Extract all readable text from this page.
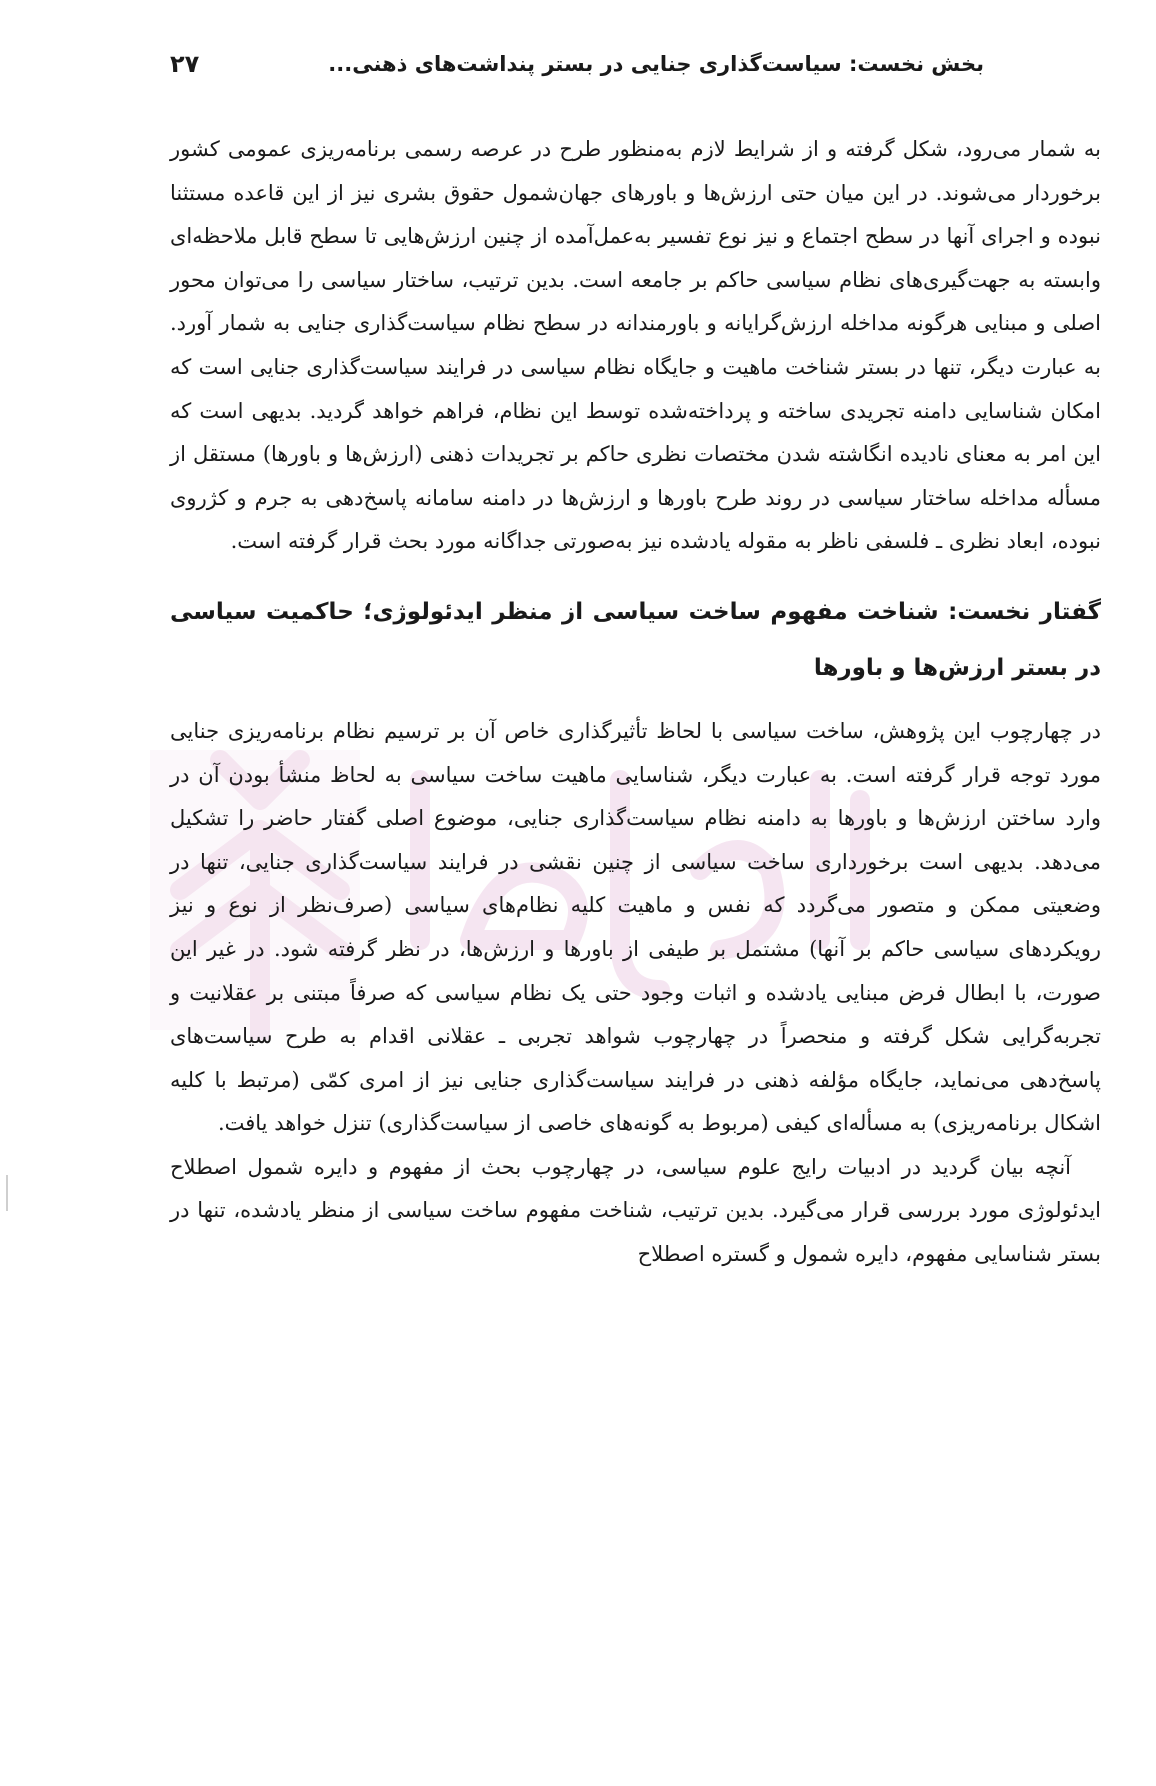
بخش نخست: سیاست‌گذاری جنایی در بستر پنداشت‌های ذهنی...
۲۷

به شمار می‌رود، شکل گرفته و از شرایط لازم به‌منظور طرح در عرصه رسمی برنامه‌ریزی عمومی کشور برخوردار می‌شوند. در این میان حتی ارزش‌ها و باورهای جهان‌شمول حقوق بشری نیز از این قاعده مستثنا نبوده و اجرای آنها در سطح اجتماع و نیز نوع تفسیر به‌عمل‌آمده از چنین ارزش‌هایی تا سطح قابل ملاحظه‌ای وابسته به جهت‌گیری‌های نظام سیاسی حاکم بر جامعه است. بدین ترتیب، ساختار سیاسی را می‌توان محور اصلی و مبنایی هرگونه مداخله ارزش‌گرایانه و باورمندانه در سطح نظام سیاست‌گذاری جنایی به شمار آورد. به عبارت دیگر، تنها در بستر شناخت ماهیت و جایگاه نظام سیاسی در فرایند سیاست‌گذاری جنایی است که امکان شناسایی دامنه تجریدی ساخته و پرداخته‌شده توسط این نظام، فراهم خواهد گردید. بدیهی است که این امر به معنای نادیده انگاشته شدن مختصات نظری حاکم بر تجریدات ذهنی (ارزش‌ها و باورها) مستقل از مسأله مداخله ساختار سیاسی در روند طرح باورها و ارزش‌ها در دامنه سامانه پاسخ‌دهی به جرم و کژروی نبوده، ابعاد نظری ـ فلسفی ناظر به مقوله یادشده نیز به‌صورتی جداگانه مورد بحث قرار گرفته است.

گفتار نخست: شناخت مفهوم ساخت سیاسی از منظر ایدئولوژی؛ حاکمیت سیاسی در بستر ارزش‌ها و باورها

در چهارچوب این پژوهش، ساخت سیاسی با لحاظ تأثیرگذاری خاص آن بر ترسیم نظام برنامه‌ریزی جنایی مورد توجه قرار گرفته است. به عبارت دیگر، شناسایی ماهیت ساخت سیاسی به لحاظ منشأ بودن آن در وارد ساختن ارزش‌ها و باورها به دامنه نظام سیاست‌گذاری جنایی، موضوع اصلی گفتار حاضر را تشکیل می‌دهد. بدیهی است برخورداری ساخت سیاسی از چنین نقشی در فرایند سیاست‌گذاری جنایی، تنها در وضعیتی ممکن و متصور می‌گردد که نفس و ماهیت کلیه نظام‌های سیاسی (صرف‌نظر از نوع و نیز رویکردهای سیاسی حاکم بر آنها) مشتمل بر طیفی از باورها و ارزش‌ها، در نظر گرفته شود. در غیر این صورت، با ابطال فرض مبنایی یادشده و اثبات وجود حتی یک نظام سیاسی که صرفاً مبتنی بر عقلانیت و تجربه‌گرایی شکل گرفته و منحصراً در چهارچوب شواهد تجربی ـ عقلانی اقدام به طرح سیاست‌های پاسخ‌دهی می‌نماید، جایگاه مؤلفه ذهنی در فرایند سیاست‌گذاری جنایی نیز از امری کمّی (مرتبط با کلیه اشکال برنامه‌ریزی) به مسأله‌ای کیفی (مربوط به گونه‌های خاصی از سیاست‌گذاری) تنزل خواهد یافت.

آنچه بیان گردید در ادبیات رایج علوم سیاسی، در چهارچوب بحث از مفهوم و دایره شمول اصطلاح ایدئولوژی مورد بررسی قرار می‌گیرد. بدین ترتیب، شناخت مفهوم ساخت سیاسی از منظر یادشده، تنها در بستر شناسایی مفهوم، دایره شمول و گستره اصطلاح
